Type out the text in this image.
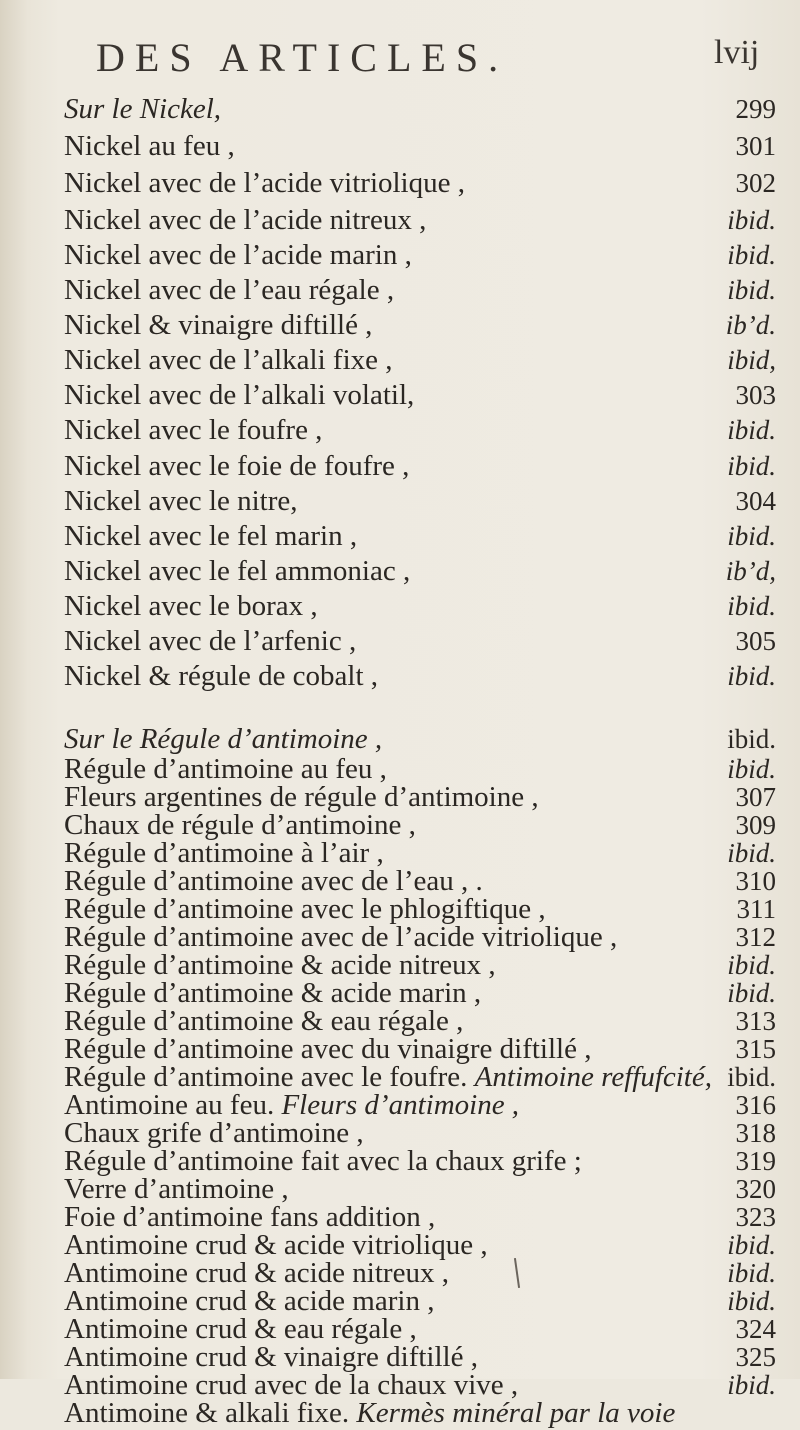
DES ARTICLES.	lvij
Sur le Nickel,	299
Nickel au feu ,	301
Nickel avec de l’acide vitriolique ,	302
Nickel avec de l’acide nitreux ,	ibid.
Nickel avec de l’acide marin ,	ibid.
Nickel avec de l’eau régale ,	ibid.
Nickel & vinaigre diftillé ,	ib’d.
Nickel avec de l’alkali fixe ,	ibid,
Nickel avec de l’alkali volatil,	303
Nickel avec le foufre ,	ibid.
Nickel avec le foie de foufre ,	ibid.
Nickel avec le nitre,	304
Nickel avec le fel marin ,	ibid.
Nickel avec le fel ammoniac ,	ib’d,
Nickel avec le borax ,	ibid.
Nickel avec de l’arfenic ,	305
Nickel & régule de cobalt ,	ibid.
Sur le Régule d’antimoine ,	ibid.
Régule d’antimoine au feu ,	ibid.
Fleurs argentines de régule d’antimoine ,	307
Chaux de régule d’antimoine ,	309
Régule d’antimoine à l’air ,	ibid.
Régule d’antimoine avec de l’eau , .	310
Régule d’antimoine avec le phlogiftique ,	311
Régule d’antimoine avec de l’acide vitriolique ,	312
Régule d’antimoine & acide nitreux ,	ibid.
Régule d’antimoine & acide marin ,	ibid.
Régule d’antimoine & eau régale ,	313
Régule d’antimoine avec du vinaigre diftillé ,	315
Régule d’antimoine avec le foufre. Antimoine reffufcité, ibid.
Antimoine au feu. Fleurs d’antimoine ,	316
Chaux grife d’antimoine ,	318
Régule d’antimoine fait avec la chaux grife ;	319
Verre d’antimoine ,	320
Foie d’antimoine fans addition ,	323
Antimoine crud & acide vitriolique ,	ibid.
Antimoine crud & acide nitreux ,	ibid.
Antimoine crud & acide marin ,	ibid.
Antimoine crud & eau régale ,	324
Antimoine crud & vinaigre diftillé ,	325
Antimoine crud avec de la chaux vive ,	ibid.
Antimoine & alkali fixe. Kermès minéral par la voie
